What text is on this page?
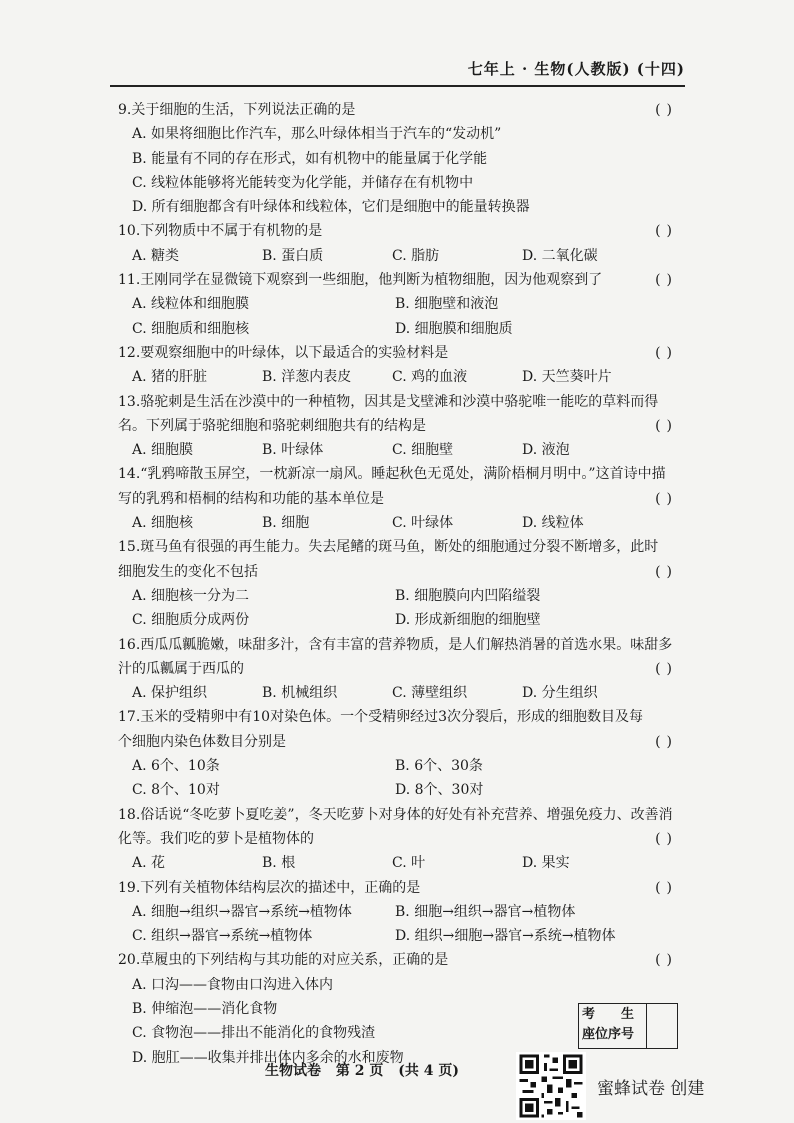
七年上 · 生物(人教版) (十四)
9.关于细胞的生活，下列说法正确的是	()
A. 如果将细胞比作汽车，那么叶绿体相当于汽车的“发动机”
B. 能量有不同的存在形式，如有机物中的能量属于化学能
C. 线粒体能够将光能转变为化学能，并储存在有机物中
D. 所有细胞都含有叶绿体和线粒体，它们是细胞中的能量转换器
10.下列物质中不属于有机物的是	()
A. 糖类	B. 蛋白质	C. 脂肪	D. 二氧化碳
11.王刚同学在显微镜下观察到一些细胞，他判断为植物细胞，因为他观察到了	()
A. 线粒体和细胞膜	B. 细胞壁和液泡
C. 细胞质和细胞核	D. 细胞膜和细胞质
12.要观察细胞中的叶绿体，以下最适合的实验材料是	()
A. 猪的肝脏	B. 洋葱内表皮	C. 鸡的血液	D. 天竺葵叶片
13.骆驼刺是生活在沙漠中的一种植物，因其是戈壁滩和沙漠中骆驼唯一能吃的草料而得
名。下列属于骆驼细胞和骆驼刺细胞共有的结构是	()
A. 细胞膜	B. 叶绿体	C. 细胞壁	D. 液泡
14.“乳鸦啼散玉屏空，一枕新凉一扇风。睡起秋色无觅处，满阶梧桐月明中。”这首诗中描
写的乳鸦和梧桐的结构和功能的基本单位是	()
A. 细胞核	B. 细胞	C. 叶绿体	D. 线粒体
15.斑马鱼有很强的再生能力。失去尾鳍的斑马鱼，断处的细胞通过分裂不断增多，此时
细胞发生的变化不包括	()
A. 细胞核一分为二	B. 细胞膜向内凹陷缢裂
C. 细胞质分成两份	D. 形成新细胞的细胞壁
16.西瓜瓜瓤脆嫩，味甜多汁，含有丰富的营养物质，是人们解热消暑的首选水果。味甜多
汁的瓜瓤属于西瓜的	()
A. 保护组织	B. 机械组织	C. 薄壁组织	D. 分生组织
17.玉米的受精卵中有10对染色体。一个受精卵经过3次分裂后，形成的细胞数目及每
个细胞内染色体数目分别是	()
A. 6个、10条	B. 6个、30条
C. 8个、10对	D. 8个、30对
18.俗话说“冬吃萝卜夏吃姜”，冬天吃萝卜对身体的好处有补充营养、增强免疫力、改善消
化等。我们吃的萝卜是植物体的	()
A. 花	B. 根	C. 叶	D. 果实
19.下列有关植物体结构层次的描述中，正确的是	()
A. 细胞→组织→器官→系统→植物体	B. 细胞→组织→器官→植物体
C. 组织→器官→系统→植物体	D. 组织→细胞→器官→系统→植物体
20.草履虫的下列结构与其功能的对应关系，正确的是	()
A. 口沟——食物由口沟进入体内
B. 伸缩泡——消化食物
C. 食物泡——排出不能消化的食物残渣
D. 胞肛——收集并排出体内多余的水和废物
考　　生
座位序号
生物试卷 第 2 页 (共 4 页)
蜜蜂试卷 创建
